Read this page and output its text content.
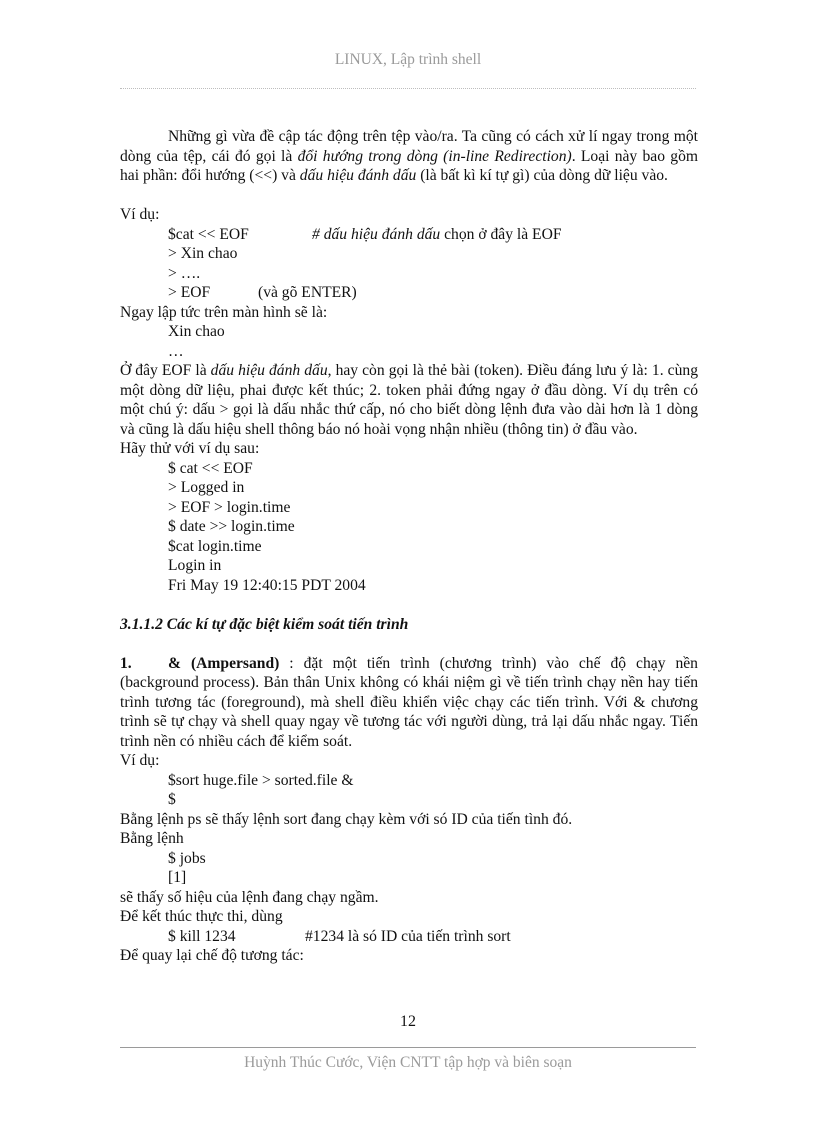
LINUX, Lập trình shell

Những gì vừa đề cập tác động trên tệp vào/ra. Ta cũng có cách xử lí ngay trong một dòng của tệp, cái đó gọi là đổi hướng trong dòng (in-line Redirection). Loại này bao gồm hai phần: đổi hướng (<<) và dấu hiệu đánh dấu (là bất kì kí tự gì) của dòng dữ liệu vào.

Ví dụ:

$cat << EOF	# dấu hiệu đánh dấu chọn ở đây là EOF

> Xin chao

> ….

> EOF	(và gõ ENTER)

Ngay lập tức trên màn hình sẽ là:

Xin chao

…

Ở đây EOF là dấu hiệu đánh dấu, hay còn gọi là thẻ bài (token). Điều đáng lưu ý là: 1. cùng một dòng dữ liệu, phai được kết thúc; 2. token phải đứng ngay ở đầu dòng. Ví dụ trên có một chú ý: dấu > gọi là dấu nhắc thứ cấp, nó cho biết dòng lệnh đưa vào dài hơn là 1 dòng và cũng là dấu hiệu shell thông báo nó hoài vọng nhận nhiều (thông tin) ở đầu vào.

Hãy thử với ví dụ sau:

$ cat << EOF

> Logged in

> EOF > login.time

$ date >> login.time

$cat login.time

Login in

Fri May 19 12:40:15 PDT 2004

3.1.1.2 Các kí tự đặc biệt kiểm soát tiến trình

1. & (Ampersand) : đặt một tiến trình (chương trình) vào chế độ chạy nền (background process). Bản thân Unix không có khái niệm gì về tiến trình chạy nền hay tiến trình tương tác (foreground), mà shell điều khiển việc chạy các tiến trình. Với & chương trình sẽ tự chạy và shell quay ngay về tương tác với người dùng, trả lại dấu nhắc ngay. Tiến trình nền có nhiều cách để kiểm soát.

Ví dụ:

$sort huge.file > sorted.file &

$

Bằng lệnh ps sẽ thấy lệnh sort đang chạy kèm với só ID của tiến tình đó.

Bằng lệnh

$ jobs

[1]

sẽ thấy số hiệu của lệnh đang chạy ngầm.

Để kết thúc thực thi, dùng

$ kill 1234	#1234 là só ID của tiến trình sort

Để quay lại chế độ tương tác:

12
Huỳnh Thúc Cước, Viện CNTT tập hợp và biên soạn
